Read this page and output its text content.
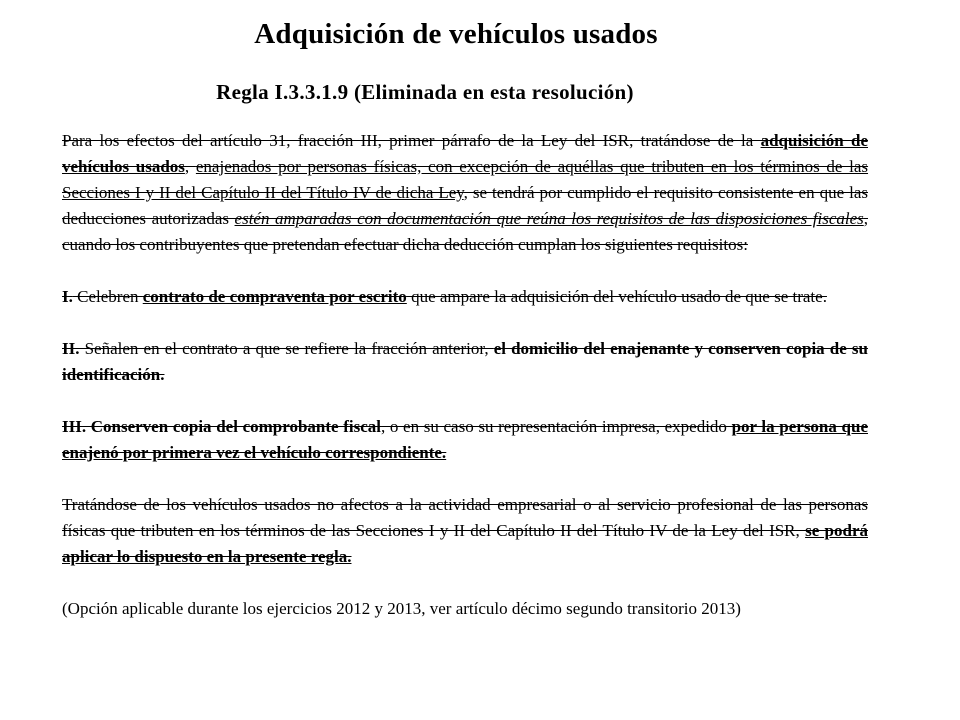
Adquisición de vehículos usados
Regla I.3.3.1.9 (Eliminada en esta resolución)

Para los efectos del artículo 31, fracción III, primer párrafo de la Ley del ISR, tratándose de la adquisición de vehículos usados, enajenados por personas físicas, con excepción de aquéllas que tributen en los términos de las Secciones I y II del Capítulo II del Título IV de dicha Ley, se tendrá por cumplido el requisito consistente en que las deducciones autorizadas estén amparadas con documentación que reúna los requisitos de las disposiciones fiscales, cuando los contribuyentes que pretendan efectuar dicha deducción cumplan los siguientes requisitos:

I. Celebren contrato de compraventa por escrito que ampare la adquisición del vehículo usado de que se trate.

II. Señalen en el contrato a que se refiere la fracción anterior, el domicilio del enajenante y conserven copia de su identificación.

III. Conserven copia del comprobante fiscal, o en su caso su representación impresa, expedido por la persona que enajenó por primera vez el vehículo correspondiente.

Tratándose de los vehículos usados no afectos a la actividad empresarial o al servicio profesional de las personas físicas que tributen en los términos de las Secciones I y II del Capítulo II del Título IV de la Ley del ISR, se podrá aplicar lo dispuesto en la presente regla.

(Opción aplicable durante los ejercicios 2012 y 2013, ver artículo décimo segundo transitorio 2013)
